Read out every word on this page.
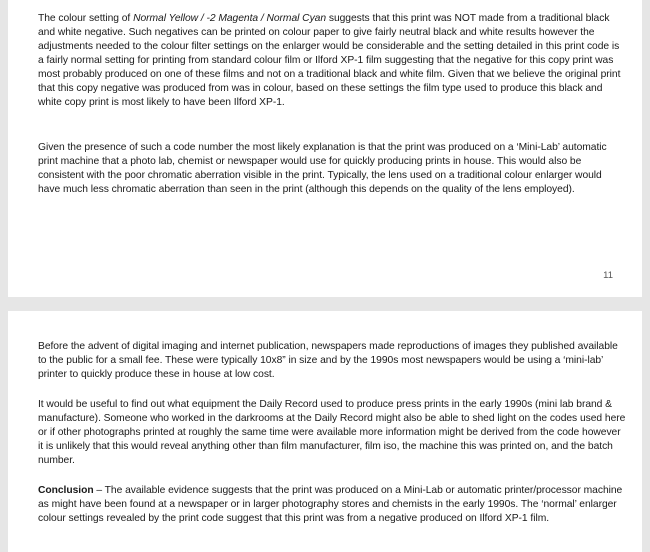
The colour setting of Normal Yellow / -2 Magenta / Normal Cyan suggests that this print was NOT made from a traditional black and white negative. Such negatives can be printed on colour paper to give fairly neutral black and white results however the adjustments needed to the colour filter settings on the enlarger would be considerable and the setting detailed in this print code is a fairly normal setting for printing from standard colour film or Ilford XP-1 film suggesting that the negative for this copy print was most probably produced on one of these films and not on a traditional black and white film. Given that we believe the original print that this copy negative was produced from was in colour, based on these settings the film type used to produce this black and white copy print is most likely to have been Ilford XP-1.

Given the presence of such a code number the most likely explanation is that the print was produced on a ‘Mini-Lab’ automatic print machine that a photo lab, chemist or newspaper would use for quickly producing prints in house. This would also be consistent with the poor chromatic aberration visible in the print. Typically, the lens used on a traditional colour enlarger would have much less chromatic aberration than seen in the print (although this depends on the quality of the lens employed).

11

Before the advent of digital imaging and internet publication, newspapers made reproductions of images they published available to the public for a small fee. These were typically 10x8” in size and by the 1990s most newspapers would be using a ‘mini-lab’ printer to quickly produce these in house at low cost.

It would be useful to find out what equipment the Daily Record used to produce press prints in the early 1990s (mini lab brand & manufacture). Someone who worked in the darkrooms at the Daily Record might also be able to shed light on the codes used here or if other photographs printed at roughly the same time were available more information might be derived from the code however it is unlikely that this would reveal anything other than film manufacturer, film iso, the machine this was printed on, and the batch number.

Conclusion – The available evidence suggests that the print was produced on a Mini-Lab or automatic printer/processor machine as might have been found at a newspaper or in larger photography stores and chemists in the early 1990s. The ‘normal’ enlarger colour settings revealed by the print code suggest that this print was from a negative produced on Ilford XP-1 film.
